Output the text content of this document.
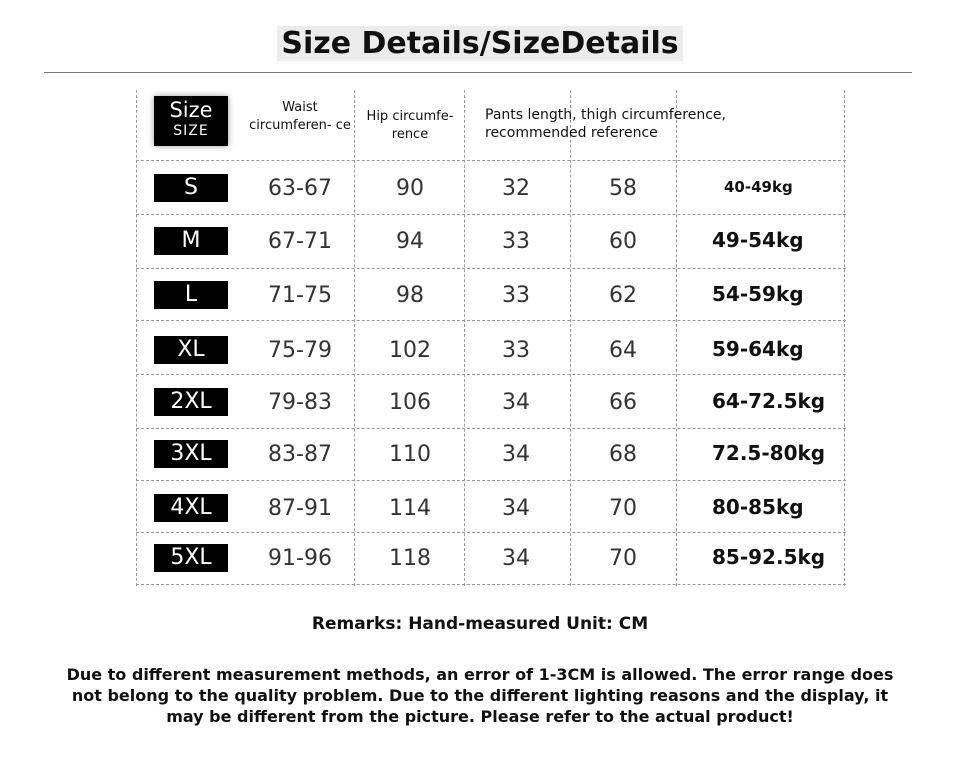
Size Details/SizeDetails
Size
SIZE
Waist circumferen- ce
Hip circumfe- rence
Pants length, thigh circumference, recommended reference
S	63-67	90	32	58	40-49kg
M	67-71	94	33	60	49-54kg
L	71-75	98	33	62	54-59kg
XL	75-79	102	33	64	59-64kg
2XL	79-83	106	34	66	64-72.5kg
3XL	83-87	110	34	68	72.5-80kg
4XL	87-91	114	34	70	80-85kg
5XL	91-96	118	34	70	85-92.5kg
Remarks: Hand-measured Unit: CM
Due to different measurement methods, an error of 1-3CM is allowed. The error range does not belong to the quality problem. Due to the different lighting reasons and the display, it may be different from the picture. Please refer to the actual product!
